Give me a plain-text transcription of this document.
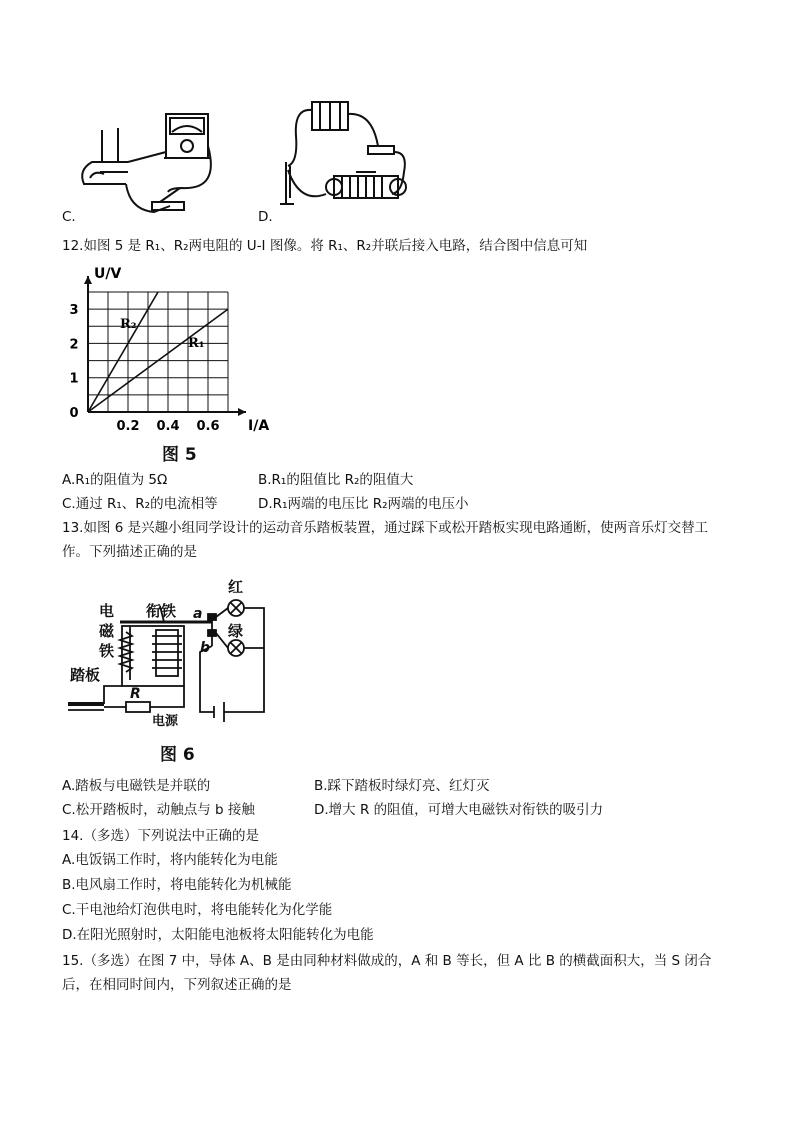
C.	D.
12.如图 5 是 R₁、R₂两电阻的 U-I 图像。将 R₁、R₂并联后接入电路，结合图中信息可知
U/V
I/A
0.2 0.4 0.6
0
1
2
3
R₂
R₁
图 5
A.R₁的阻值为 5Ω	B.R₁的阻值比 R₂的阻值大
C.通过 R₁、R₂的电流相等	D.R₁两端的电压比 R₂两端的电压小
13.如图 6 是兴趣小组同学设计的运动音乐踏板装置，通过踩下或松开踏板实现电路通断，使两音乐灯交替工
作。下列描述正确的是
电
磁
铁
衔铁
红
绿
a
b
踏板
R
电源
图 6
A.踏板与电磁铁是并联的	B.踩下踏板时绿灯亮、红灯灭
C.松开踏板时，动触点与 b 接触	D.增大 R 的阻值，可增大电磁铁对衔铁的吸引力
14.（多选）下列说法中正确的是
A.电饭锅工作时，将内能转化为电能
B.电风扇工作时，将电能转化为机械能
C.干电池给灯泡供电时，将电能转化为化学能
D.在阳光照射时，太阳能电池板将太阳能转化为电能
15.（多选）在图 7 中，导体 A、B 是由同种材料做成的，A 和 B 等长，但 A 比 B 的横截面积大，当 S 闭合
后，在相同时间内，下列叙述正确的是
